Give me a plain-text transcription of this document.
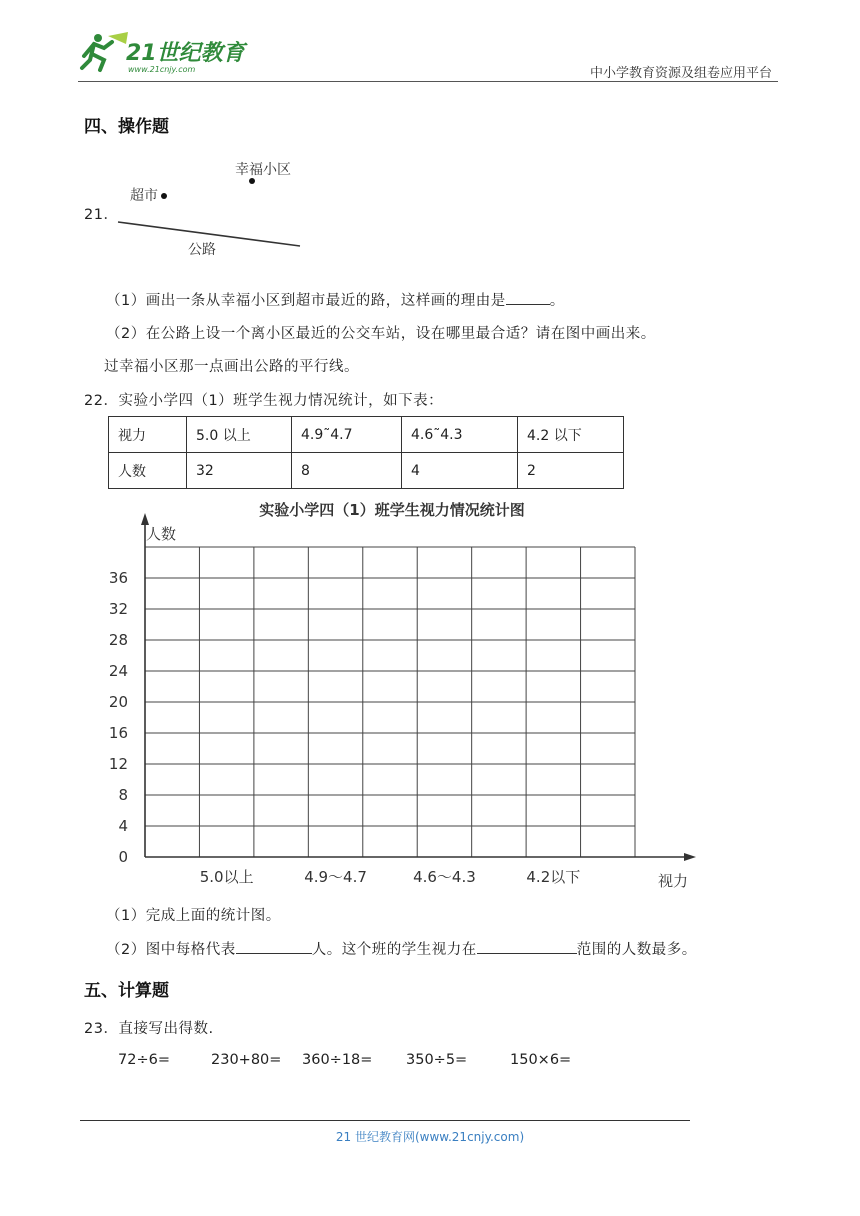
21世纪教育
www.21cnjy.com	中小学教育资源及组卷应用平台
四、操作题
21．
幸福小区
超市
公路
（1）画出一条从幸福小区到超市最近的路，这样画的理由是	。
（2）在公路上设一个离小区最近的公交车站，设在哪里最合适？请在图中画出来。
过幸福小区那一点画出公路的平行线。
22．实验小学四（1）班学生视力情况统计，如下表：
视力	5.0 以上	4.9˜4.7	4.6˜4.3	4.2 以下
人数	32	8	4	2
实验小学四（1）班学生视力情况统计图
人数
视力
0
4
8
12
16
20
24
28
32
36
5.0以上	4.9～4.7	4.6～4.3	4.2以下
（1）完成上面的统计图。
（2）图中每格代表	人。这个班的学生视力在	范围的人数最多。
五、计算题
23．直接写出得数.
72÷6=	230+80= 360÷18= 350÷5=	150×6=
21 世纪教育网(www.21cnjy.com)
